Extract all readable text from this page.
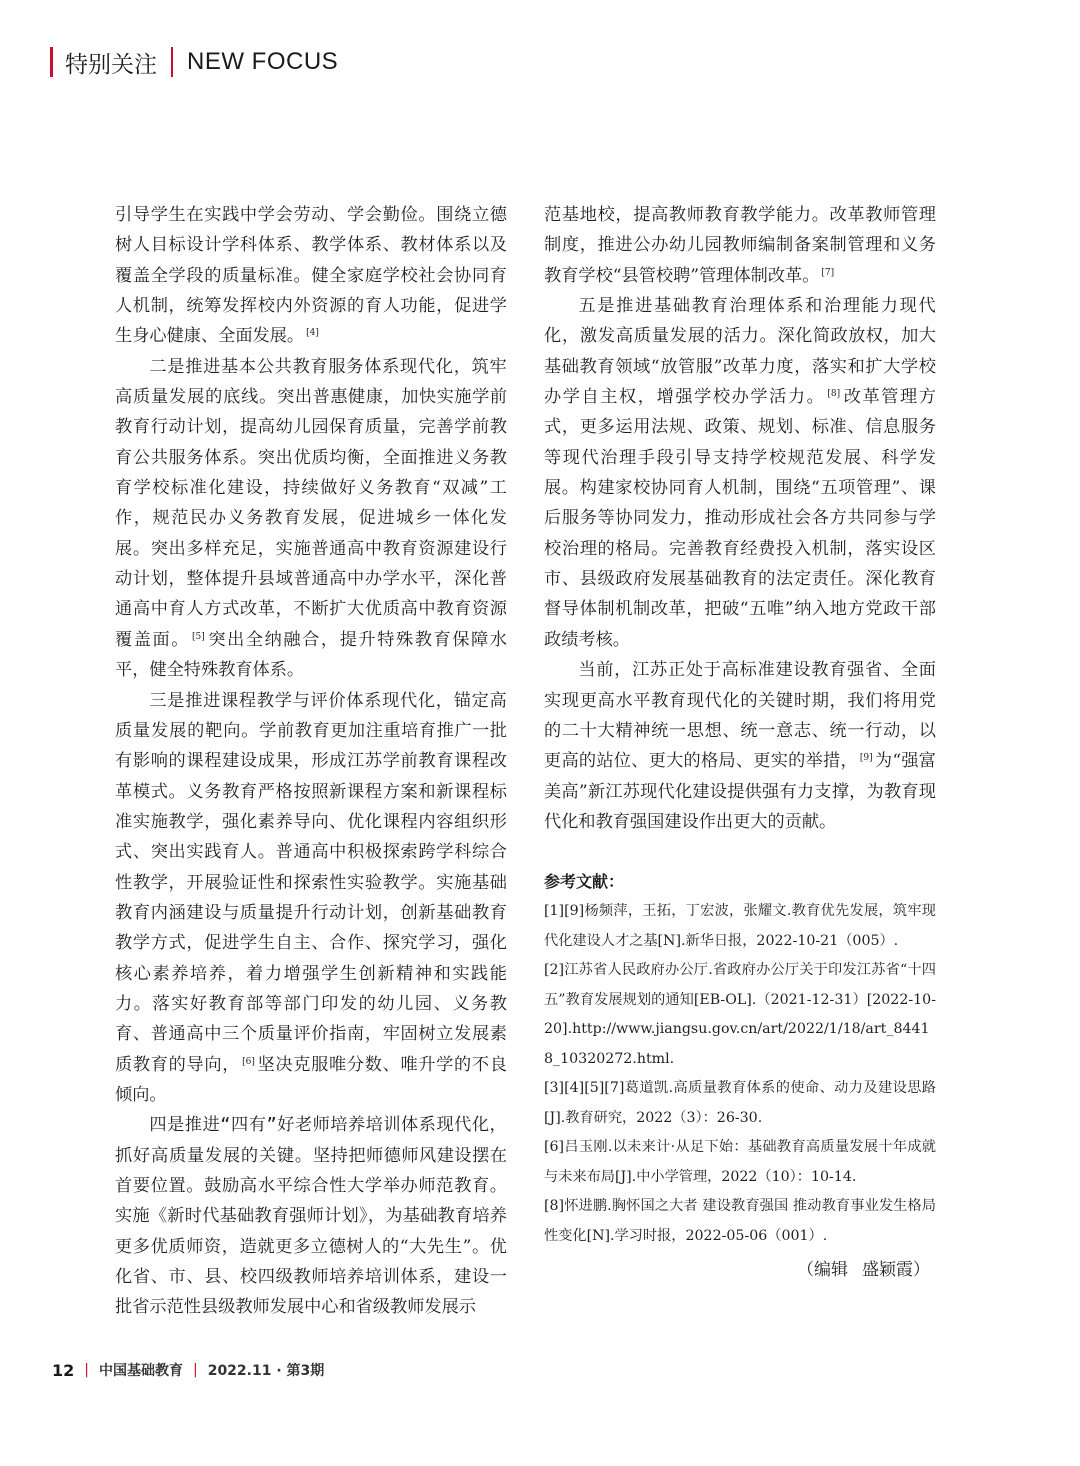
特别关注 NEW FOCUS

引导学生在实践中学会劳动、学会勤俭。围绕立德树人目标设计学科体系、教学体系、教材体系以及覆盖全学段的质量标准。健全家庭学校社会协同育人机制，统筹发挥校内外资源的育人功能，促进学生身心健康、全面发展。 [4]

二是推进基本公共教育服务体系现代化，筑牢高质量发展的底线。突出普惠健康，加快实施学前教育行动计划，提高幼儿园保育质量，完善学前教育公共服务体系。突出优质均衡，全面推进义务教育学校标准化建设，持续做好义务教育“双减”工作，规范民办义务教育发展，促进城乡一体化发展。突出多样充足，实施普通高中教育资源建设行动计划，整体提升县域普通高中办学水平，深化普通高中育人方式改革，不断扩大优质高中教育资源覆盖面。 [5] 突出全纳融合，提升特殊教育保障水平，健全特殊教育体系。

三是推进课程教学与评价体系现代化，锚定高质量发展的靶向。学前教育更加注重培育推广一批有影响的课程建设成果，形成江苏学前教育课程改革模式。义务教育严格按照新课程方案和新课程标准实施教学，强化素养导向、优化课程内容组织形式、突出实践育人。普通高中积极探索跨学科综合性教学，开展验证性和探索性实验教学。实施基础教育内涵建设与质量提升行动计划，创新基础教育教学方式，促进学生自主、合作、探究学习，强化核心素养培养，着力增强学生创新精神和实践能力。落实好教育部等部门印发的幼儿园、义务教育、普通高中三个质量评价指南，牢固树立发展素质教育的导向， [6] 坚决克服唯分数、唯升学的不良倾向。

四是推进“四有”好老师培养培训体系现代化，抓好高质量发展的关键。坚持把师德师风建设摆在首要位置。鼓励高水平综合性大学举办师范教育。实施《新时代基础教育强师计划》，为基础教育培养更多优质师资，造就更多立德树人的“大先生”。优化省、市、县、校四级教师培养培训体系，建设一批省示范性县级教师发展中心和省级教师发展示

范基地校，提高教师教育教学能力。改革教师管理制度，推进公办幼儿园教师编制备案制管理和义务教育学校“县管校聘”管理体制改革。 [7]

五是推进基础教育治理体系和治理能力现代化，激发高质量发展的活力。深化简政放权，加大基础教育领域“放管服”改革力度，落实和扩大学校办学自主权，增强学校办学活力。 [8] 改革管理方式，更多运用法规、政策、规划、标准、信息服务等现代治理手段引导支持学校规范发展、科学发展。构建家校协同育人机制，围绕“五项管理”、课后服务等协同发力，推动形成社会各方共同参与学校治理的格局。完善教育经费投入机制，落实设区市、县级政府发展基础教育的法定责任。深化教育督导体制机制改革，把破“五唯”纳入地方党政干部政绩考核。

当前，江苏正处于高标准建设教育强省、全面实现更高水平教育现代化的关键时期，我们将用党的二十大精神统一思想、统一意志、统一行动，以更高的站位、更大的格局、更实的举措， [9] 为“强富美高”新江苏现代化建设提供强有力支撑，为教育现代化和教育强国建设作出更大的贡献。

参考文献：

[1][9]杨频萍，王拓，丁宏波，张耀文.教育优先发展，筑牢现代化建设人才之基[N].新华日报，2022-10-21（005）.

[2]江苏省人民政府办公厅.省政府办公厅关于印发江苏省“十四五”教育发展规划的通知[EB-OL].（2021-12-31）[2022-10-20].http://www.jiangsu.gov.cn/art/2022/1/18/art_84418_10320272.html.

[3][4][5][7]葛道凯.高质量教育体系的使命、动力及建设思路[J].教育研究，2022（3）：26-30.

[6]吕玉刚.以未来计·从足下始：基础教育高质量发展十年成就与未来布局[J].中小学管理，2022（10）：10-14.

[8]怀进鹏.胸怀国之大者 建设教育强国 推动教育事业发生格局性变化[N].学习时报，2022-05-06（001）.

（编辑 盛颖霞）
12 | 中国基础教育 | 2022.11 · 第3期
